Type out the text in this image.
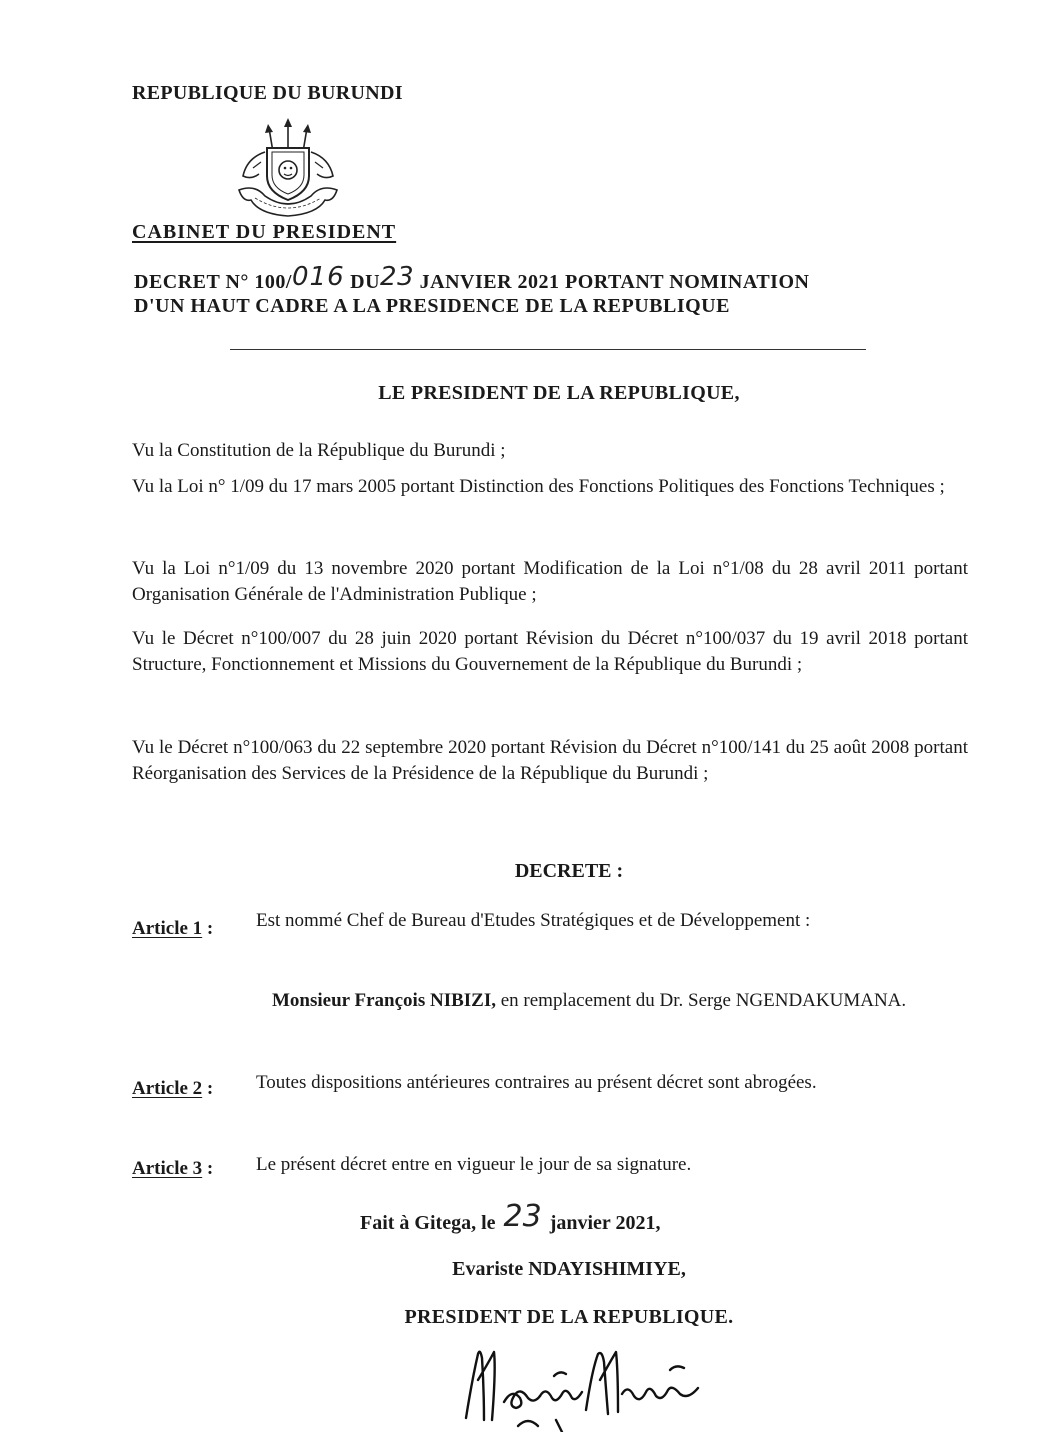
REPUBLIQUE DU BURUNDI
CABINET DU PRESIDENT
DECRET N° 100/016 DU23 JANVIER 2021 PORTANT NOMINATION
D'UN HAUT CADRE A LA PRESIDENCE DE LA REPUBLIQUE
LE PRESIDENT DE LA REPUBLIQUE,
Vu la Constitution de la République du Burundi ;
Vu la Loi n° 1/09 du 17 mars 2005 portant Distinction des Fonctions Politiques des Fonctions Techniques ;
Vu la Loi n°1/09 du 13 novembre 2020 portant Modification de la Loi n°1/08 du 28 avril 2011 portant Organisation Générale de l'Administration Publique ;
Vu le Décret n°100/007 du 28 juin 2020 portant Révision du Décret n°100/037 du 19 avril 2018 portant Structure, Fonctionnement et Missions du Gouvernement de la République du Burundi ;
Vu le Décret n°100/063 du 22 septembre 2020 portant Révision du Décret n°100/141 du 25 août 2008 portant Réorganisation des Services de la Présidence de la République du Burundi ;
DECRETE :
Article 1 : Est nommé Chef de Bureau d'Etudes Stratégiques et de Développement :
Monsieur François NIBIZI, en remplacement du Dr. Serge NGENDAKUMANA.
Article 2 : Toutes dispositions antérieures contraires au présent décret sont abrogées.
Article 3 : Le présent décret entre en vigueur le jour de sa signature.
Fait à Gitega, le 23 janvier 2021,
Evariste NDAYISHIMIYE,
PRESIDENT DE LA REPUBLIQUE.
